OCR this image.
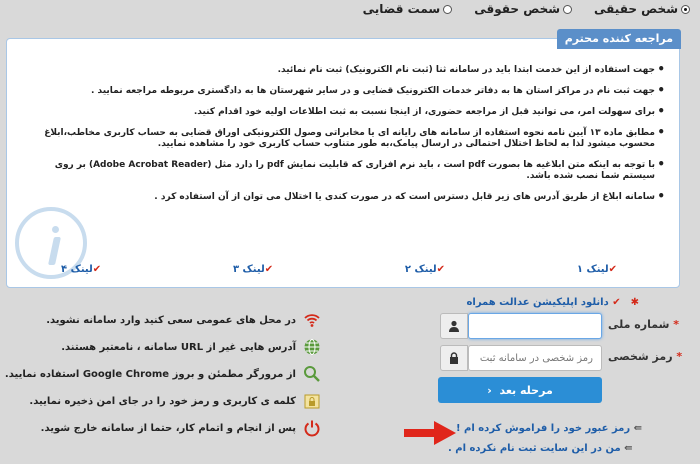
شخص حقیقی
شخص حقوقی
سمت قضایی
مراجعه کننده محترم
• جهت استفاده از این خدمت ابتدا باید در سامانه ثنا (ثبت نام الکترونیک) ثبت نام نمائید.
• جهت ثبت نام در مراکز استان ها به دفاتر خدمات الکترونیک قضایی و در سایر شهرستان ها به دادگستری مربوطه مراجعه نمایید .
• برای سهولت امر، می توانید قبل از مراجعه حضوری، از اینجا نسبت به ثبت اطلاعات اولیه خود اقدام کنید.
• مطابق ماده ۱۳ آیین نامه نحوه استفاده از سامانه های رایانه ای یا مخابراتی وصول الکترونیکی اوراق قضایی به حساب کاربری مخاطب،ابلاغ محسوب میشود لذا به لحاظ اختلال احتمالی در ارسال پیامک،به طور متناوب حساب کاربری خود را مشاهده نمایید.
• با توجه به اینکه متن ابلاغیه ها بصورت pdf است ، باید نرم افزاری که قابلیت نمایش pdf را دارد مثل (Adobe Acrobat Reader) بر روی سیستم شما نصب شده باشد.
• سامانه ابلاغ از طریق آدرس های زیر قابل دسترس است که در صورت کندی یا اختلال می توان از آن استفاده کرد .
✔لینک ۱
✔لینک ۲
✔لینک ۳
✔لینک ۴
✱✔ دانلود اپلیکیشن عدالت همراه
* شماره ملی
* رمز شخصی
رمز شخصی در سامانه ثبت نام ثنا
مرحله بعد

‹
⇚ رمز عبور خود را فراموش کرده ام !
⇚ من در این سایت ثبت نام نکرده ام .
در محل های عمومی سعی کنید وارد سامانه نشوید.
آدرس هایی غیر از URL سامانه ، نامعتبر هستند.
از مرورگر مطمئن و بروز Google Chrome استفاده نمایید.
کلمه ی کاربری و رمز خود را در جای امن ذخیره نمایید.
پس از انجام و اتمام کار، حتما از سامانه خارج شوید.
